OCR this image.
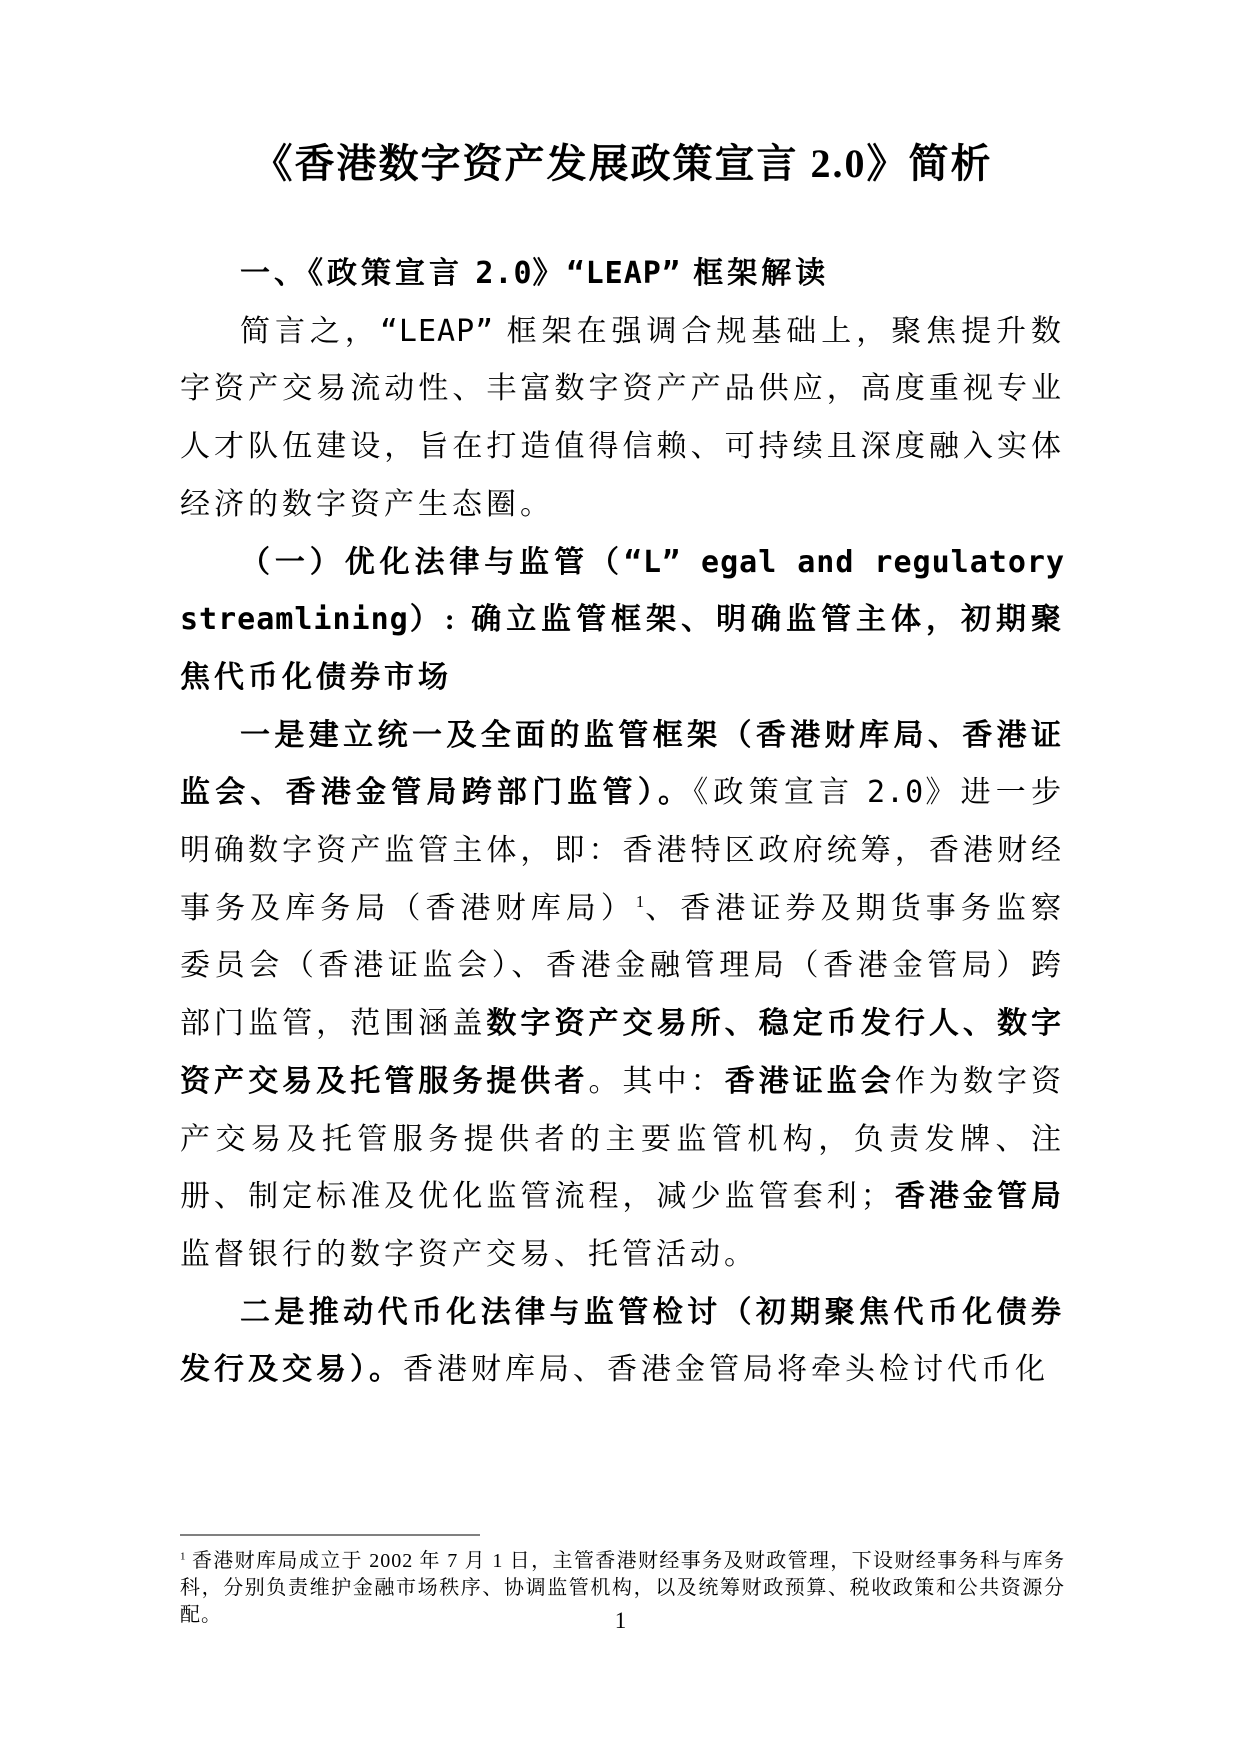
《香港数字资产发展政策宣言 2.0》简析
一、《政策宣言 2.0》“LEAP” 框架解读

简言之，“LEAP” 框架在强调合规基础上，聚焦提升数字资产交易流动性、丰富数字资产产品供应，高度重视专业人才队伍建设，旨在打造值得信赖、可持续且深度融入实体经济的数字资产生态圈。

（一）优化法律与监管（“L” egal and regulatory streamlining）: 确立监管框架、明确监管主体，初期聚焦代币化债券市场

一是建立统一及全面的监管框架（香港财库局、香港证监会、香港金管局跨部门监管）。《政策宣言 2.0》进一步明确数字资产监管主体，即：香港特区政府统筹，香港财经事务及库务局（香港财库局）$^1$、香港证券及期货事务监察委员会（香港证监会）、香港金融管理局（香港金管局）跨部门监管，范围涵盖数字资产交易所、稳定币发行人、数字资产交易及托管服务提供者。其中：香港证监会作为数字资产交易及托管服务提供者的主要监管机构，负责发牌、注册、制定标准及优化监管流程，减少监管套利；香港金管局监督银行的数字资产交易、托管活动。

二是推动代币化法律与监管检讨（初期聚焦代币化债券发行及交易）。香港财库局、香港金管局将牵头检讨代币化

$^1$ 香港财库局成立于 2002 年 7 月 1 日，主管香港财经事务及财政管理，下设财经事务科与库务科，分别负责维护金融市场秩序、协调监管机构，以及统筹财政预算、税收政策和公共资源分配。	1
